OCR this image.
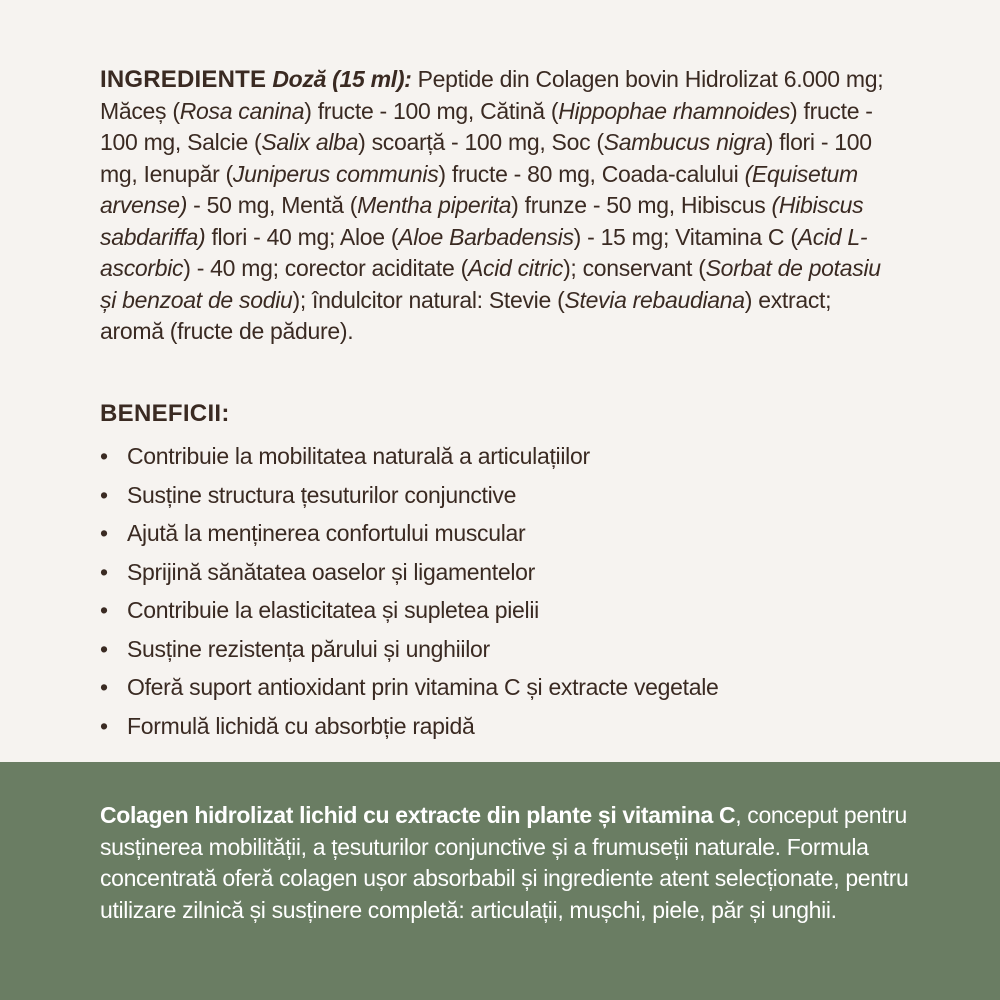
INGREDIENTE Doză (15 ml): Peptide din Colagen bovin Hidrolizat 6.000 mg; Măceș (Rosa canina) fructe - 100 mg, Cătină (Hippophae rhamnoides) fructe - 100 mg, Salcie (Salix alba) scoarță - 100 mg, Soc (Sambucus nigra) flori - 100 mg, Ienupăr (Juniperus communis) fructe - 80 mg, Coada-calului (Equisetum arvense) - 50 mg, Mentă (Mentha piperita) frunze - 50 mg, Hibiscus (Hibiscus sabdariffa) flori - 40 mg; Aloe (Aloe Barbadensis) - 15 mg; Vitamina C (Acid L-ascorbic) - 40 mg; corector aciditate (Acid citric); conservant (Sorbat de potasiu și benzoat de sodiu); îndulcitor natural: Stevie (Stevia rebaudiana) extract; aromă (fructe de pădure).
BENEFICII:
• Contribuie la mobilitatea naturală a articulațiilor
• Susține structura țesuturilor conjunctive
• Ajută la menținerea confortului muscular
• Sprijină sănătatea oaselor și ligamentelor
• Contribuie la elasticitatea și supletea pielii
• Susține rezistența părului și unghiilor
• Oferă suport antioxidant prin vitamina C și extracte vegetale
• Formulă lichidă cu absorbție rapidă
Colagen hidrolizat lichid cu extracte din plante și vitamina C, conceput pentru susținerea mobilității, a țesuturilor conjunctive și a frumuseții naturale. Formula concentrată oferă colagen ușor absorbabil și ingrediente atent selecționate, pentru utilizare zilnică și susținere completă: articulații, mușchi, piele, păr și unghii.
